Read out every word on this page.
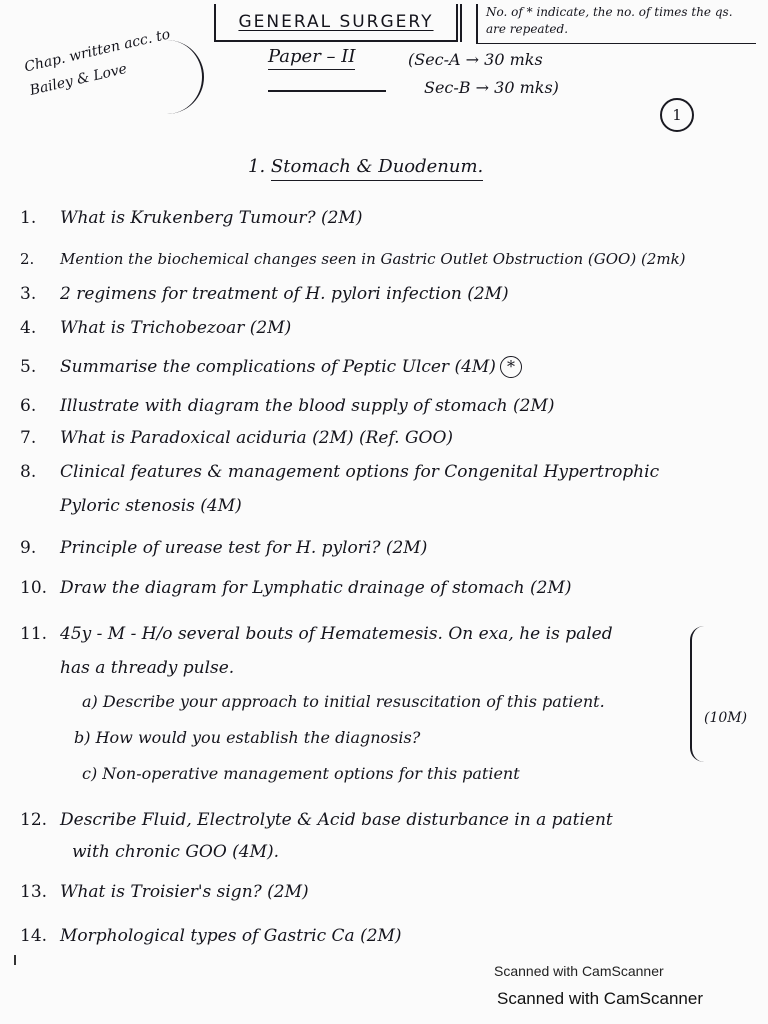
GENERAL SURGERY	No. of * indicate, the no. of times the qs. are repeated.
Chap. written acc. to Bailey & Love
Paper – II	(Sec-A → 30 mks
Sec-B → 30 mks)
1
1. Stomach & Duodenum.
1. What is Krukenberg Tumour? (2M)
2. Mention the biochemical changes seen in Gastric Outlet Obstruction (GOO) (2mk)
3. 2 regimens for treatment of H. pylori infection (2M)
4. What is Trichobezoar (2M)
5. Summarise the complications of Peptic Ulcer (4M) *
6. Illustrate with diagram the blood supply of stomach (2M)
7. What is Paradoxical aciduria (2M) (Ref. GOO)
8. Clinical features & management options for Congenital Hypertrophic
Pyloric stenosis (4M)
9. Principle of urease test for H. pylori? (2M)
10. Draw the diagram for Lymphatic drainage of stomach (2M)
11. 45y - M - H/o several bouts of Hematemesis. On exa, he is paled
has a thready pulse.
a) Describe your approach to initial resuscitation of this patient.
b) How would you establish the diagnosis?
c) Non-operative management options for this patient
(10M)
12. Describe Fluid, Electrolyte & Acid base disturbance in a patient
with chronic GOO (4M).
13. What is Troisier's sign? (2M)
14. Morphological types of Gastric Ca (2M)
Scanned with CamScanner
Scanned with CamScanner
